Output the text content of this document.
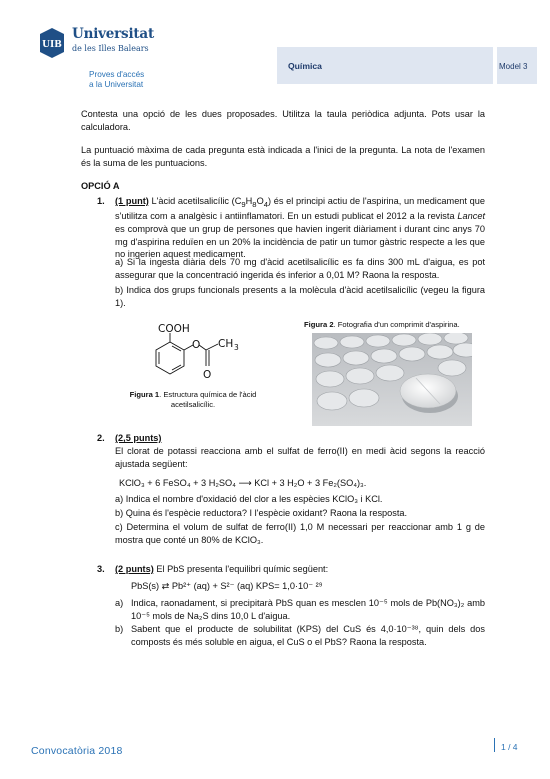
UIB
Universitat
de les Illes Balears
Proves d'accés
a la Universitat
Química	Model 3

Contesta una opció de les dues proposades. Utilitza la taula periòdica adjunta. Pots usar la calculadora.

La puntuació màxima de cada pregunta està indicada a l'inici de la pregunta. La nota de l'examen és la suma de les puntuacions.

OPCIÓ A
1. (1 punt) L'àcid acetilsalicílic $(C_9H_8O_4)$ és el principi actiu de l'aspirina, un medicament que s'utilitza com a analgèsic i antiinflamatori. En un estudi publicat el 2012 a la revista Lancet es comprovà que un grup de persones que havien ingerit diàriament i durant cinc anys 70 mg d'aspirina reduïen en un 20% la incidència de patir un tumor gàstric respecte a les que no ingerien aquest medicament.

a) Si la ingesta diària dels 70 mg d'àcid acetilsalicílic es fa dins 300 mL d'aigua, es pot assegurar que la concentració ingerida és inferior a 0,01 M? Raona la resposta.

b) Indica dos grups funcionals presents a la molècula d'àcid acetilsalicílic (vegeu la figura 1).

COOH
O CH 3
O
Figura 1. Estructura química de l'àcid
acetilsalicílic.
Figura 2. Fotografia d'un comprimit d'aspirina.
2. (2,5 punts)

El clorat de potassi reacciona amb el sulfat de ferro(II) en medi àcid segons la reacció ajustada següent:

KClO₃ + 6 FeSO₄ + 3 H₂SO₄ ⟶ KCl + 3 H₂O + 3 Fe₂(SO₄)₃.
a) Indica el nombre d'oxidació del clor a les espècies KClO₃ i KCl.
b) Quina és l'espècie reductora? I l'espècie oxidant? Raona la resposta.

c) Determina el volum de sulfat de ferro(II) 1,0 M necessari per reaccionar amb 1 g de mostra que conté un 80% de KClO₃.

3. (2 punts) El PbS presenta l'equilibri químic següent:
PbS(s) ⇄ Pb²⁺ (aq) + S²⁻ (aq) KPS= 1,0·10⁻ ²⁹
a) Indica, raonadament, si precipitarà PbS quan es mesclen 10⁻⁵ mols de Pb(NO₃)₂ amb 10⁻⁵ mols de Na₂S dins 10,0 L d'aigua.

b) Sabent que el producte de solubilitat (KPS) del CuS és 4,0·10⁻³⁸, quin dels dos composts és més soluble en aigua, el CuS o el PbS? Raona la resposta.

Convocatòria 2018	1 / 4
